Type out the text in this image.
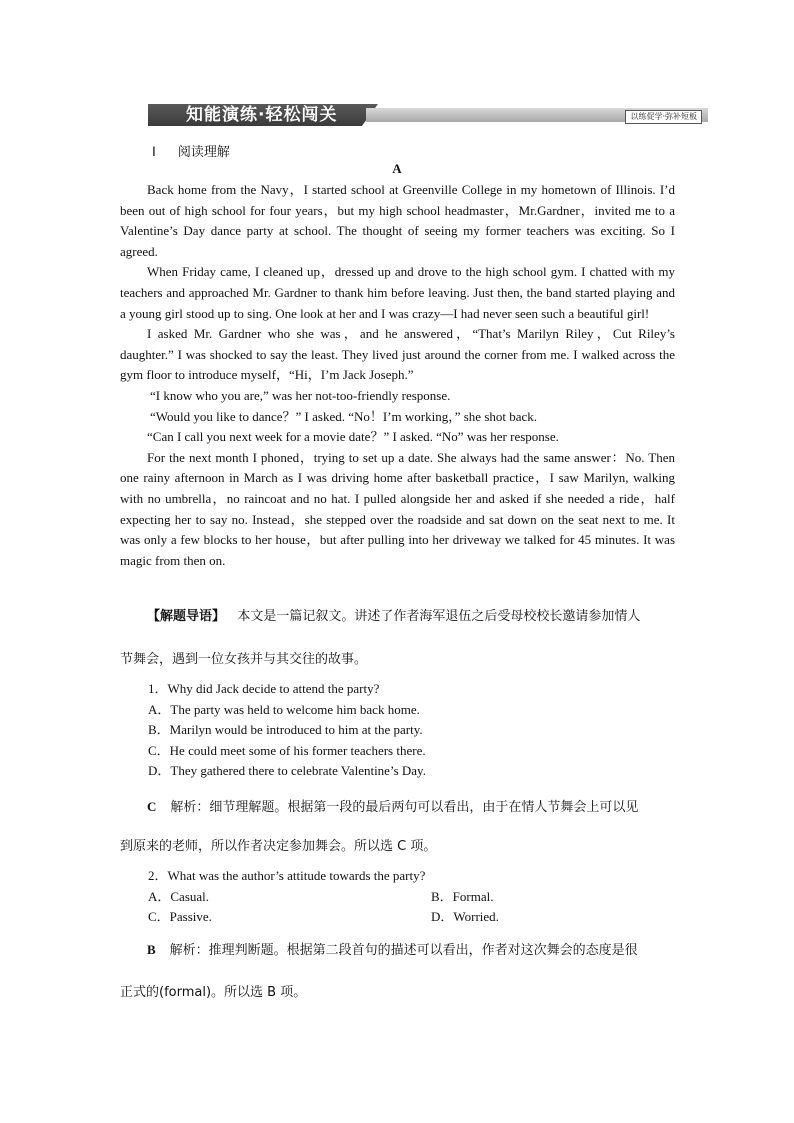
知能演练·轻松闯关	以练促学·弥补短板
Ⅰ 阅读理解
A

Back home from the Navy，I started school at Greenville College in my hometown of Illinois. I’d been out of high school for four years，but my high school headmaster，Mr.Gardner，invited me to a Valentine’s Day dance party at school. The thought of seeing my former teachers was exciting. So I agreed.

When Friday came, I cleaned up，dressed up and drove to the high school gym. I chatted with my teachers and approached Mr. Gardner to thank him before leaving. Just then, the band started playing and a young girl stood up to sing. One look at her and I was crazy—I had never seen such a beautiful girl!

I asked Mr. Gardner who she was，and he answered，“That’s Marilyn Riley，Cut Riley’s daughter.” I was shocked to say the least. They lived just around the corner from me. I walked across the gym floor to introduce myself，“Hi，I’m Jack Joseph.”

“I know who you are,” was her not-too-friendly response.

“Would you like to dance？” I asked. “No！I’m working，” she shot back.

“Can I call you next week for a movie date？” I asked. “No” was her response.

For the next month I phoned，trying to set up a date. She always had the same answer：No. Then one rainy afternoon in March as I was driving home after basketball practice，I saw Marilyn, walking with no umbrella，no raincoat and no hat. I pulled alongside her and asked if she needed a ride，half expecting her to say no. Instead，she stepped over the roadside and sat down on the seat next to me. It was only a few blocks to her house，but after pulling into her driveway we talked for 45 minutes. It was magic from then on.

【解题导语】 本文是一篇记叙文。讲述了作者海军退伍之后受母校校长邀请参加情人
节舞会，遇到一位女孩并与其交往的故事。
1．Why did Jack decide to attend the party?
A．The party was held to welcome him back home.
B．Marilyn would be introduced to him at the party.
C．He could meet some of his former teachers there.
D．They gathered there to celebrate Valentine’s Day.
C 解析：细节理解题。根据第一段的最后两句可以看出，由于在情人节舞会上可以见
到原来的老师，所以作者决定参加舞会。所以选 C 项。
2．What was the author’s attitude towards the party?
A．Casual.	B．Formal.
C．Passive.	D．Worried.
B 解析：推理判断题。根据第二段首句的描述可以看出，作者对这次舞会的态度是很
正式的(formal)。所以选 B 项。
